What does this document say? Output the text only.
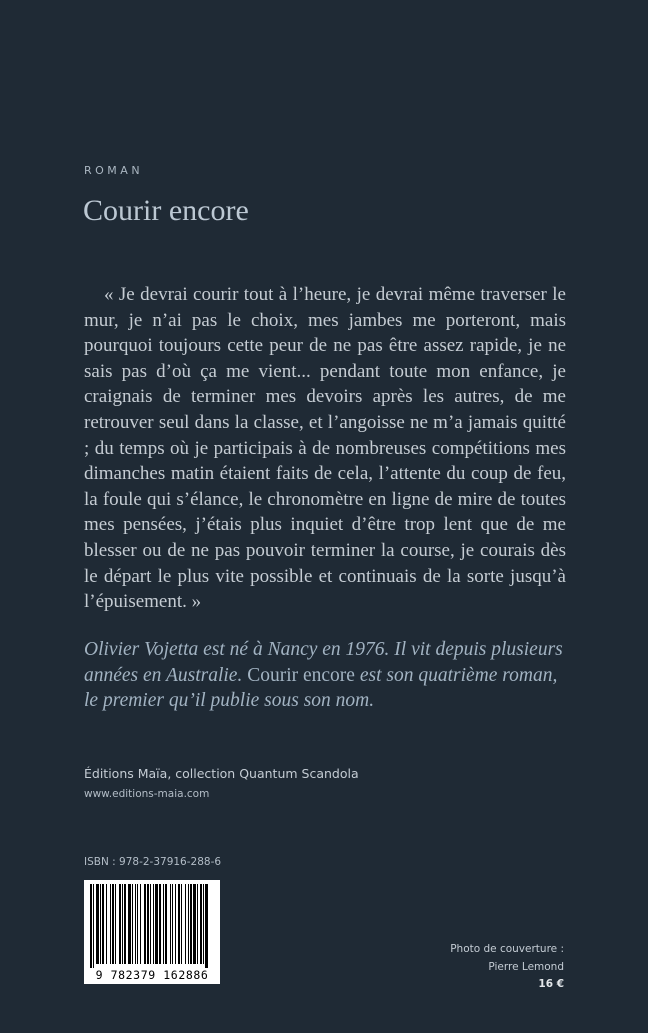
ROMAN
Courir encore

« Je devrai courir tout à l’heure, je devrai même traverser le mur, je n’ai pas le choix, mes jambes me porteront, mais pourquoi toujours cette peur de ne pas être assez rapide, je ne sais pas d’où ça me vient... pendant toute mon enfance, je craignais de terminer mes devoirs après les autres, de me retrouver seul dans la classe, et l’angoisse ne m’a jamais quitté ; du temps où je participais à de nombreuses compétitions mes dimanches matin étaient faits de cela, l’attente du coup de feu, la foule qui s’élance, le chronomètre en ligne de mire de toutes mes pensées, j’étais plus inquiet d’être trop lent que de me blesser ou de ne pas pouvoir terminer la course, je courais dès le départ le plus vite possible et continuais de la sorte jusqu’à l’épuisement. »

Olivier Vojetta est né à Nancy en 1976. Il vit depuis plusieurs années en Australie. Courir encore est son quatrième roman, le premier qu’il publie sous son nom.

Éditions Maïa, collection Quantum Scandola
www.editions-maia.com
ISBN : 978-2-37916-288-6
9 782379 162886
Photo de couverture :
Pierre Lemond
16 €
